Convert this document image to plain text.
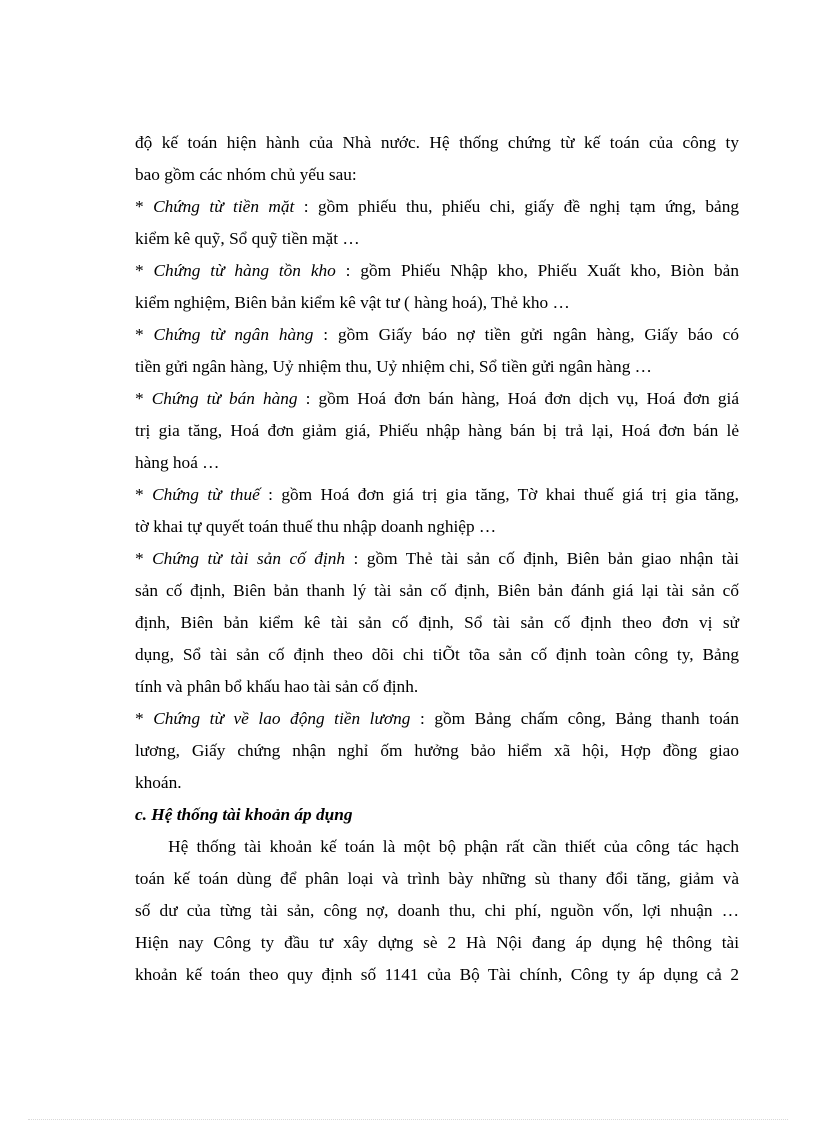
độ kế toán hiện hành của Nhà nước. Hệ thống chứng từ kế toán của công ty
bao gồm các nhóm chủ yếu sau:
* Chứng từ tiền mặt : gồm phiếu thu, phiếu chi, giấy đề nghị tạm ứng, bảng
kiểm kê quỹ, Sổ quỹ tiền mặt …
* Chứng từ hàng tồn kho : gồm Phiếu Nhập kho, Phiếu Xuất kho, Biòn bản
kiểm nghiệm, Biên bản kiểm kê vật tư ( hàng hoá), Thẻ kho …
* Chứng từ ngân hàng : gồm Giấy báo nợ tiền gửi ngân hàng, Giấy báo có
tiền gửi ngân hàng, Uỷ nhiệm thu, Uỷ nhiệm chi, Sổ tiền gửi ngân hàng …
* Chứng từ bán hàng : gồm Hoá đơn bán hàng, Hoá đơn dịch vụ, Hoá đơn giá
trị gia tăng, Hoá đơn giảm giá, Phiếu nhập hàng bán bị trả lại, Hoá đơn bán lẻ
hàng hoá …
* Chứng từ thuế : gồm Hoá đơn giá trị gia tăng, Tờ khai thuế giá trị gia tăng,
tờ khai tự quyết toán thuế thu nhập doanh nghiệp …
* Chứng từ tài sản cố định : gồm Thẻ tài sản cố định, Biên bản giao nhận tài
sản cố định, Biên bản thanh lý tài sản cố định, Biên bản đánh giá lại tài sản cố
định, Biên bản kiểm kê tài sản cố định, Sổ tài sản cố định theo đơn vị sử
dụng, Sổ tài sản cố định theo dõi chi tiÕt tõa sản cố định toàn công ty, Bảng
tính và phân bổ khấu hao tài sản cố định.
* Chứng từ về lao động tiền lương : gồm Bảng chấm công, Bảng thanh toán
lương, Giấy chứng nhận nghỉ ốm hưởng bảo hiểm xã hội, Hợp đồng giao
khoán.
c. Hệ thống tài khoản áp dụng
Hệ thống tài khoản kế toán là một bộ phận rất cần thiết của công tác hạch
toán kế toán dùng để phân loại và trình bày những sù thany đổi tăng, giảm và
số dư của từng tài sản, công nợ, doanh thu, chi phí, nguồn vốn, lợi nhuận …
Hiện nay Công ty đầu tư xây dựng sè 2 Hà Nội đang áp dụng hệ thông tài
khoản kế toán theo quy định số 1141 của Bộ Tài chính, Công ty áp dụng cả 2
